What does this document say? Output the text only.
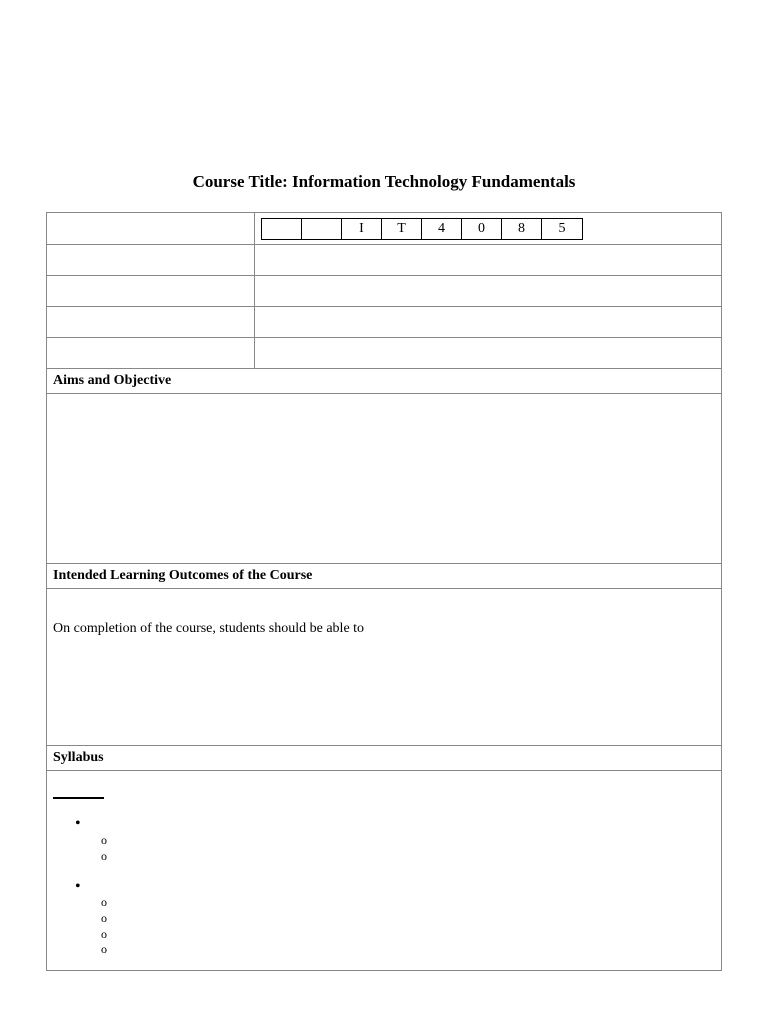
Course Title: Information Technology Fundamentals
I	T	4	0	8	5
Aims and Objective
Intended Learning Outcomes of the Course
On completion of the course, students should be able to
Syllabus
•
o
o
•
o
o
o
o
